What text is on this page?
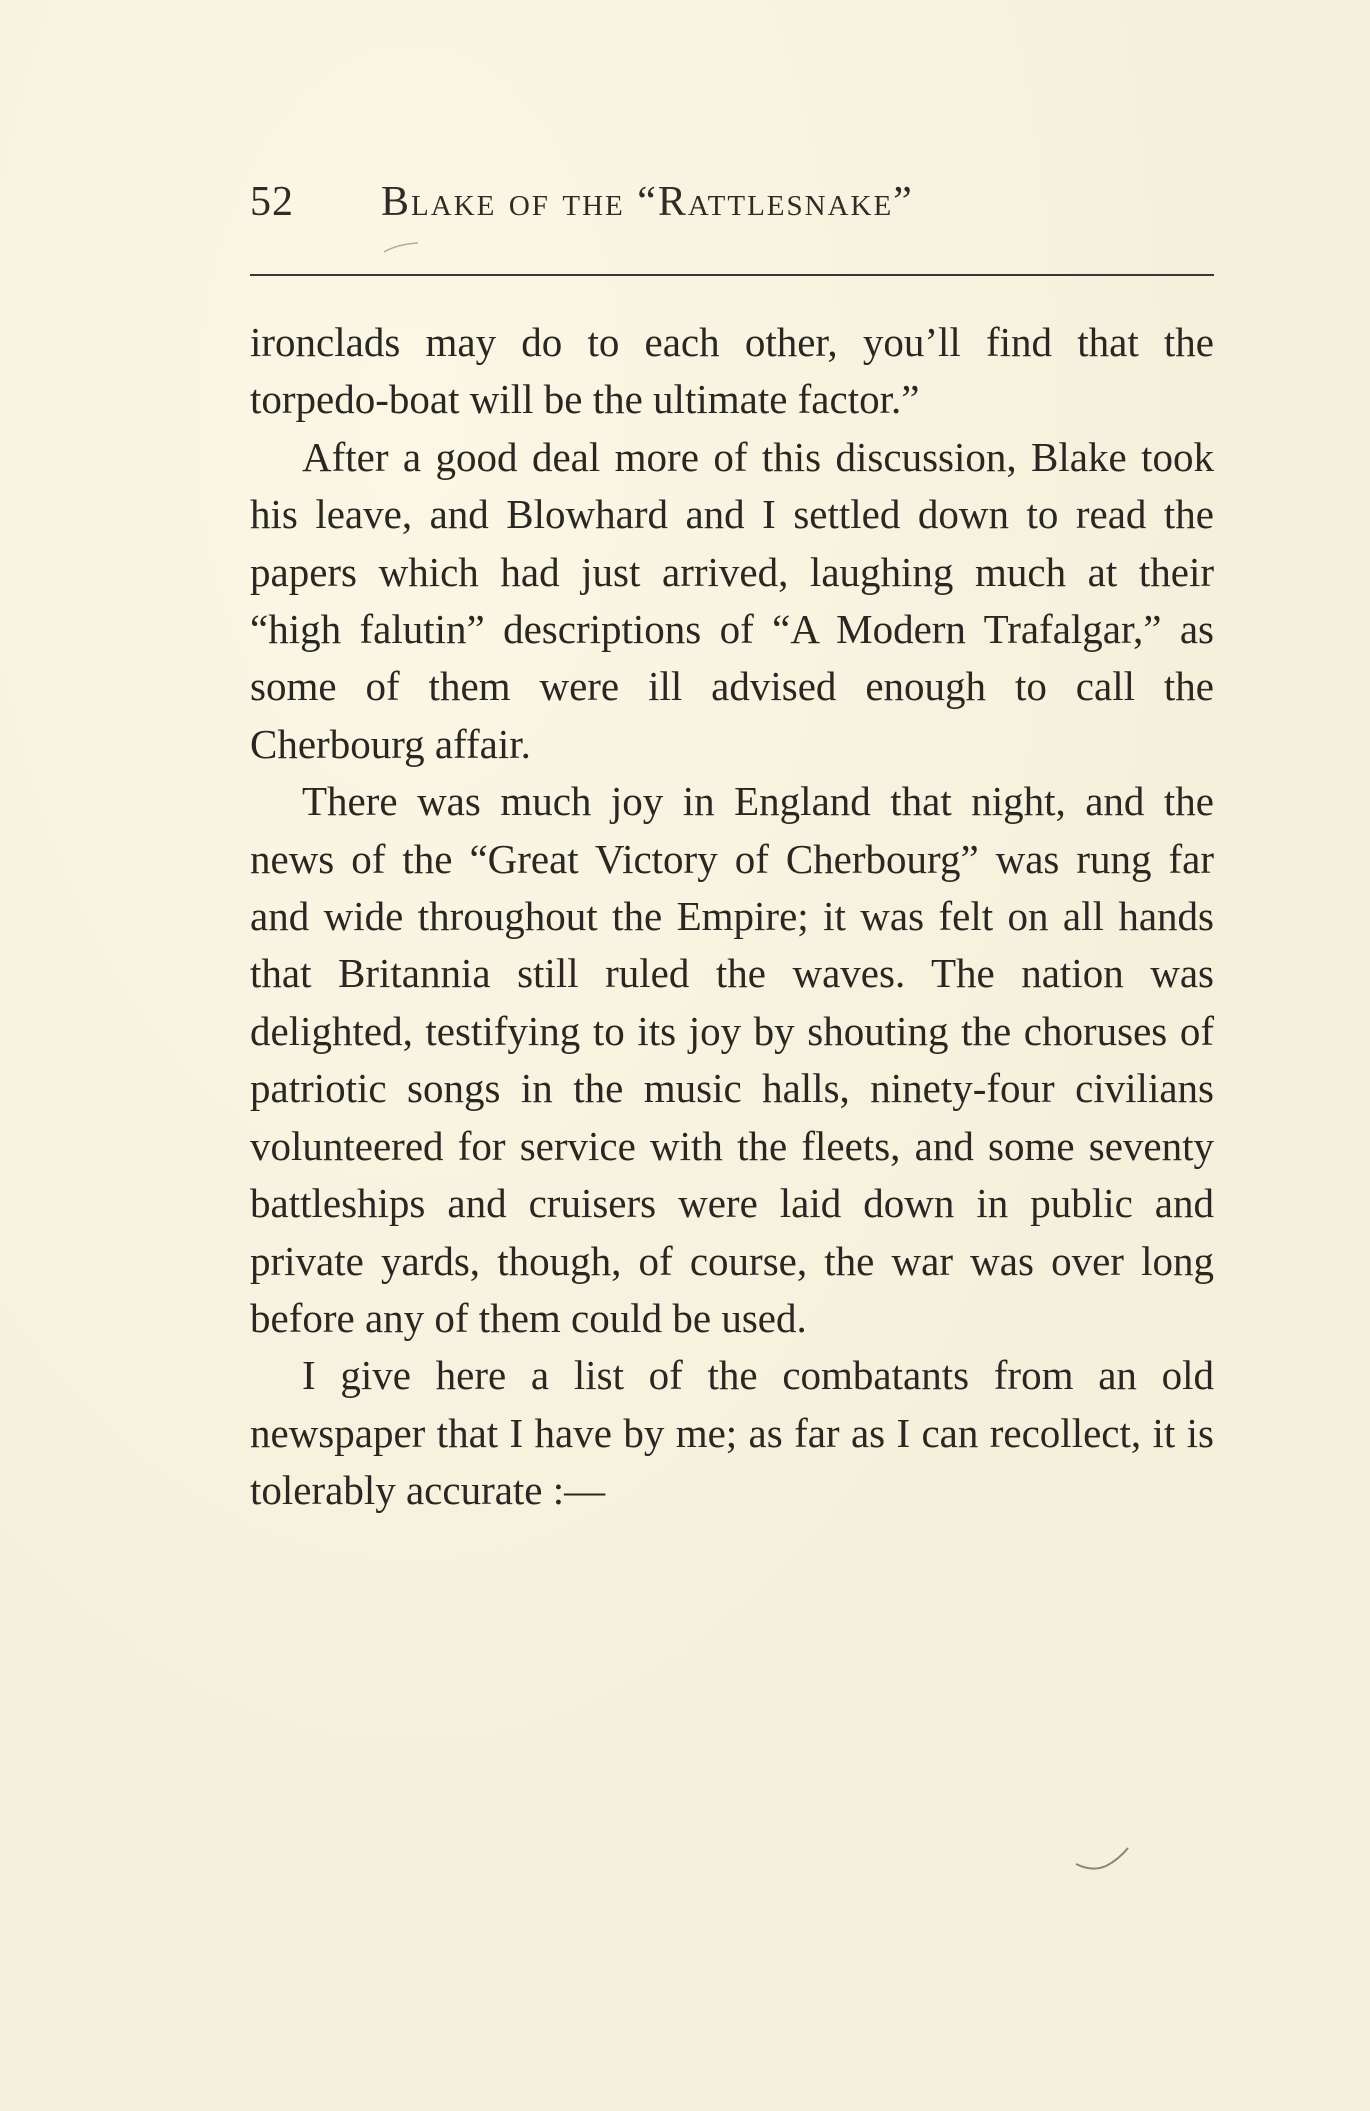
52 Blake of the “Rattlesnake”

ironclads may do to each other, you’ll find that the torpedo-boat will be the ultimate factor.”

After a good deal more of this discussion, Blake took his leave, and Blowhard and I settled down to read the papers which had just arrived, laughing much at their “high falutin” descriptions of “A Modern Trafalgar,” as some of them were ill advised enough to call the Cherbourg affair.

There was much joy in England that night, and the news of the “Great Victory of Cherbourg” was rung far and wide throughout the Empire; it was felt on all hands that Britannia still ruled the waves. The nation was delighted, testifying to its joy by shouting the choruses of patriotic songs in the music halls, ninety-four civilians volunteered for service with the fleets, and some seventy battleships and cruisers were laid down in public and private yards, though, of course, the war was over long before any of them could be used.

I give here a list of the combatants from an old newspaper that I have by me; as far as I can recollect, it is tolerably accurate :—
